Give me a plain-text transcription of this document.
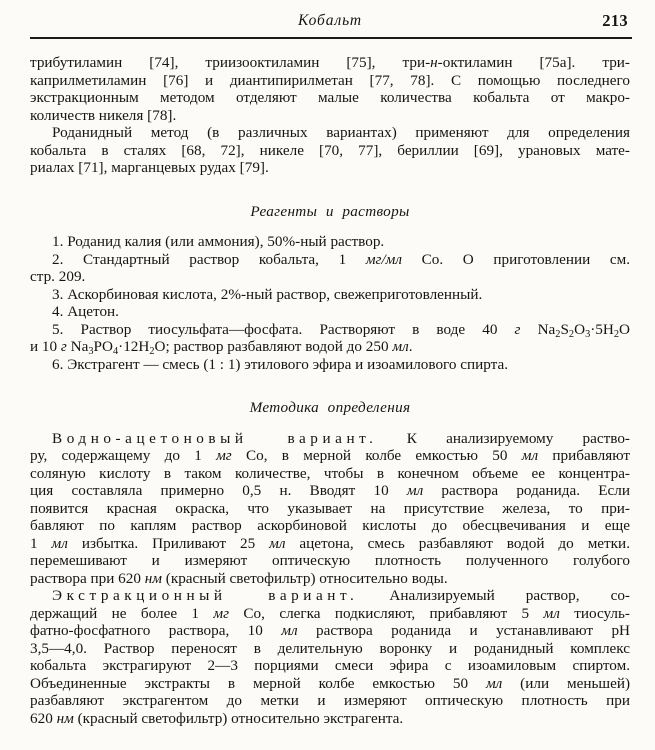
Кобальт	213
трибутиламин [74], триизооктиламин [75], три-н-октиламин [75а]. три-
каприлметиламин [76] и диантипирилметан [77, 78]. С помощью последнего
экстракционным методом отделяют малые количества кобальта от макро-
количеств никеля [78].
Роданидный метод (в различных вариантах) применяют для определения
кобальта в сталях [68, 72], никеле [70, 77], бериллии [69], урановых мате-
риалах [71], марганцевых рудах [79].
Реагенты и растворы
1. Роданид калия (или аммония), 50%-ный раствор.
2. Стандартный раствор кобальта, 1 мг/мл Со. О приготовлении см.
стр. 209.
3. Аскорбиновая кислота, 2%-ный раствор, свежеприготовленный.
4. Ацетон.
5. Раствор тиосульфата—фосфата. Растворяют в воде 40 г $Na_2S_2O_3\cdot 5H_2O$
и 10 г $Na_3PO_4\cdot 12H_2O$; раствор разбавляют водой до 250 мл.
6. Экстрагент — смесь (1 : 1) этилового эфира и изоамилового спирта.
Методика определения
Водно-ацетоновый вариант. К анализируемому раство-
ру, содержащему до 1 мг Со, в мерной колбе емкостью 50 мл прибавляют
соляную кислоту в таком количестве, чтобы в конечном объеме ее концентра-
ция составляла примерно 0,5 н. Вводят 10 мл раствора роданида. Если
появится красная окраска, что указывает на присутствие железа, то при-
бавляют по каплям раствор аскорбиновой кислоты до обесцвечивания и еще
1 мл избытка. Приливают 25 мл ацетона, смесь разбавляют водой до метки.
перемешивают и измеряют оптическую плотность полученного голубого
раствора при 620 нм (красный светофильтр) относительно воды.
Экстракционный вариант. Анализируемый раствор, со-
держащий не более 1 мг Со, слегка подкисляют, прибавляют 5 мл тиосуль-
фатно-фосфатного раствора, 10 мл раствора роданида и устанавливают pH
3,5—4,0. Раствор переносят в делительную воронку и роданидный комплекс
кобальта экстрагируют 2—3 порциями смеси эфира с изоамиловым спиртом.
Объединенные экстракты в мерной колбе емкостью 50 мл (или меньшей)
разбавляют экстрагентом до метки и измеряют оптическую плотность при
620 нм (красный светофильтр) относительно экстрагента.
